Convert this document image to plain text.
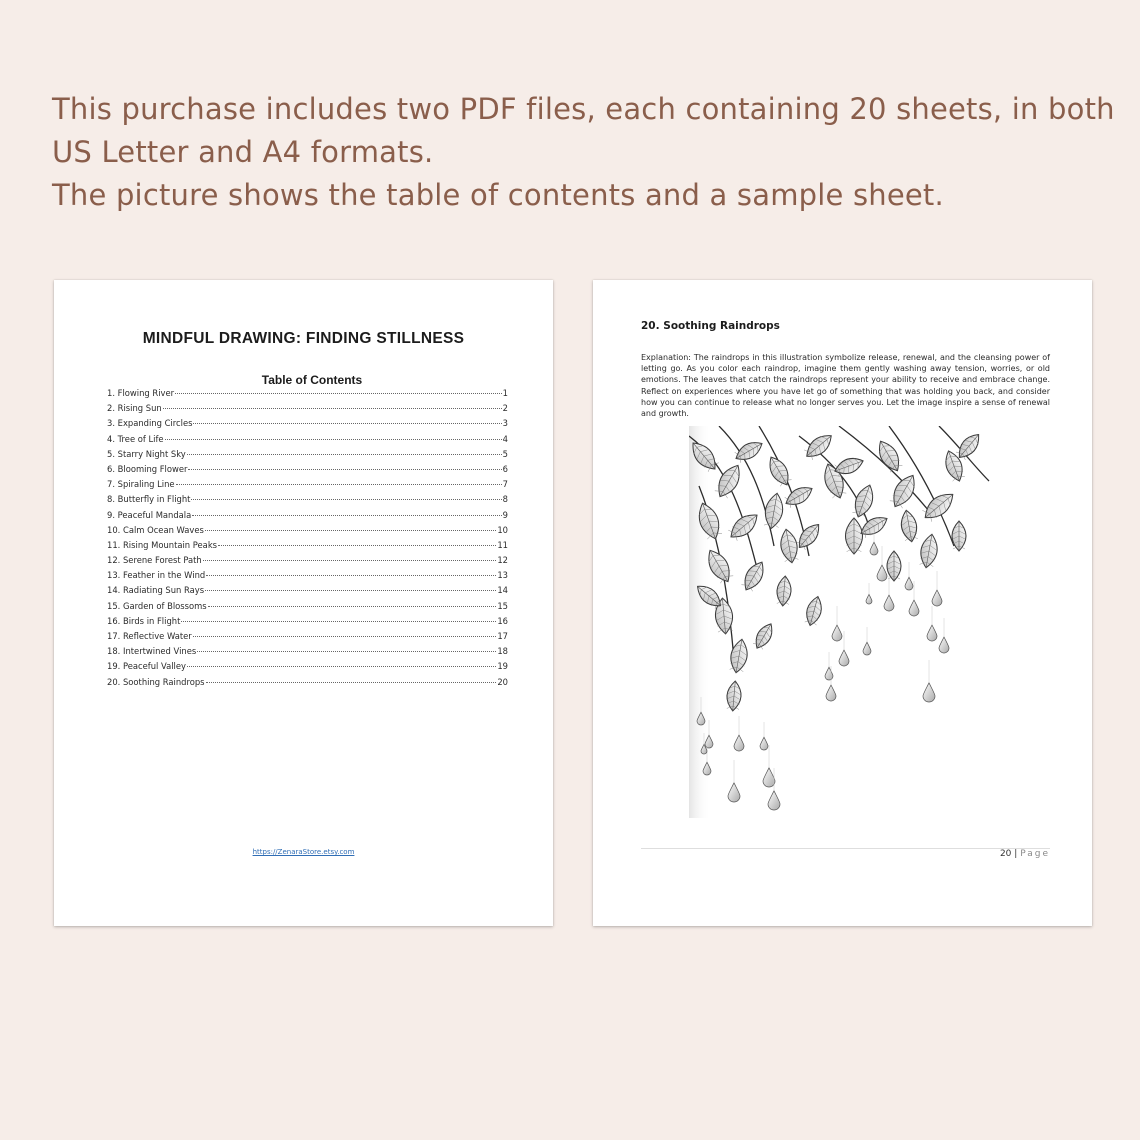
This purchase includes two PDF files, each containing 20 sheets, in both
US Letter and A4 formats.
The picture shows the table of contents and a sample sheet.
MINDFUL DRAWING: FINDING STILLNESS
Table of Contents
1. Flowing River	1
2. Rising Sun	2
3. Expanding Circles	3
4. Tree of Life	4
5. Starry Night Sky	5
6. Blooming Flower	6
7. Spiraling Line	7
8. Butterfly in Flight	8
9. Peaceful Mandala	9
10. Calm Ocean Waves	10
11. Rising Mountain Peaks	11
12. Serene Forest Path	12
13. Feather in the Wind	13
14. Radiating Sun Rays	14
15. Garden of Blossoms	15
16. Birds in Flight	16
17. Reflective Water	17
18. Intertwined Vines	18
19. Peaceful Valley	19
20. Soothing Raindrops	20
https://ZenaraStore.etsy.com
20. Soothing Raindrops
Explanation: The raindrops in this illustration symbolize release, renewal, and the cleansing power of letting go. As you color each raindrop, imagine them gently washing away tension, worries, or old emotions. The leaves that catch the raindrops represent your ability to receive and embrace change. Reflect on experiences where you have let go of something that was holding you back, and consider how you can continue to release what no longer serves you. Let the image inspire a sense of renewal and growth.
20 | Page
